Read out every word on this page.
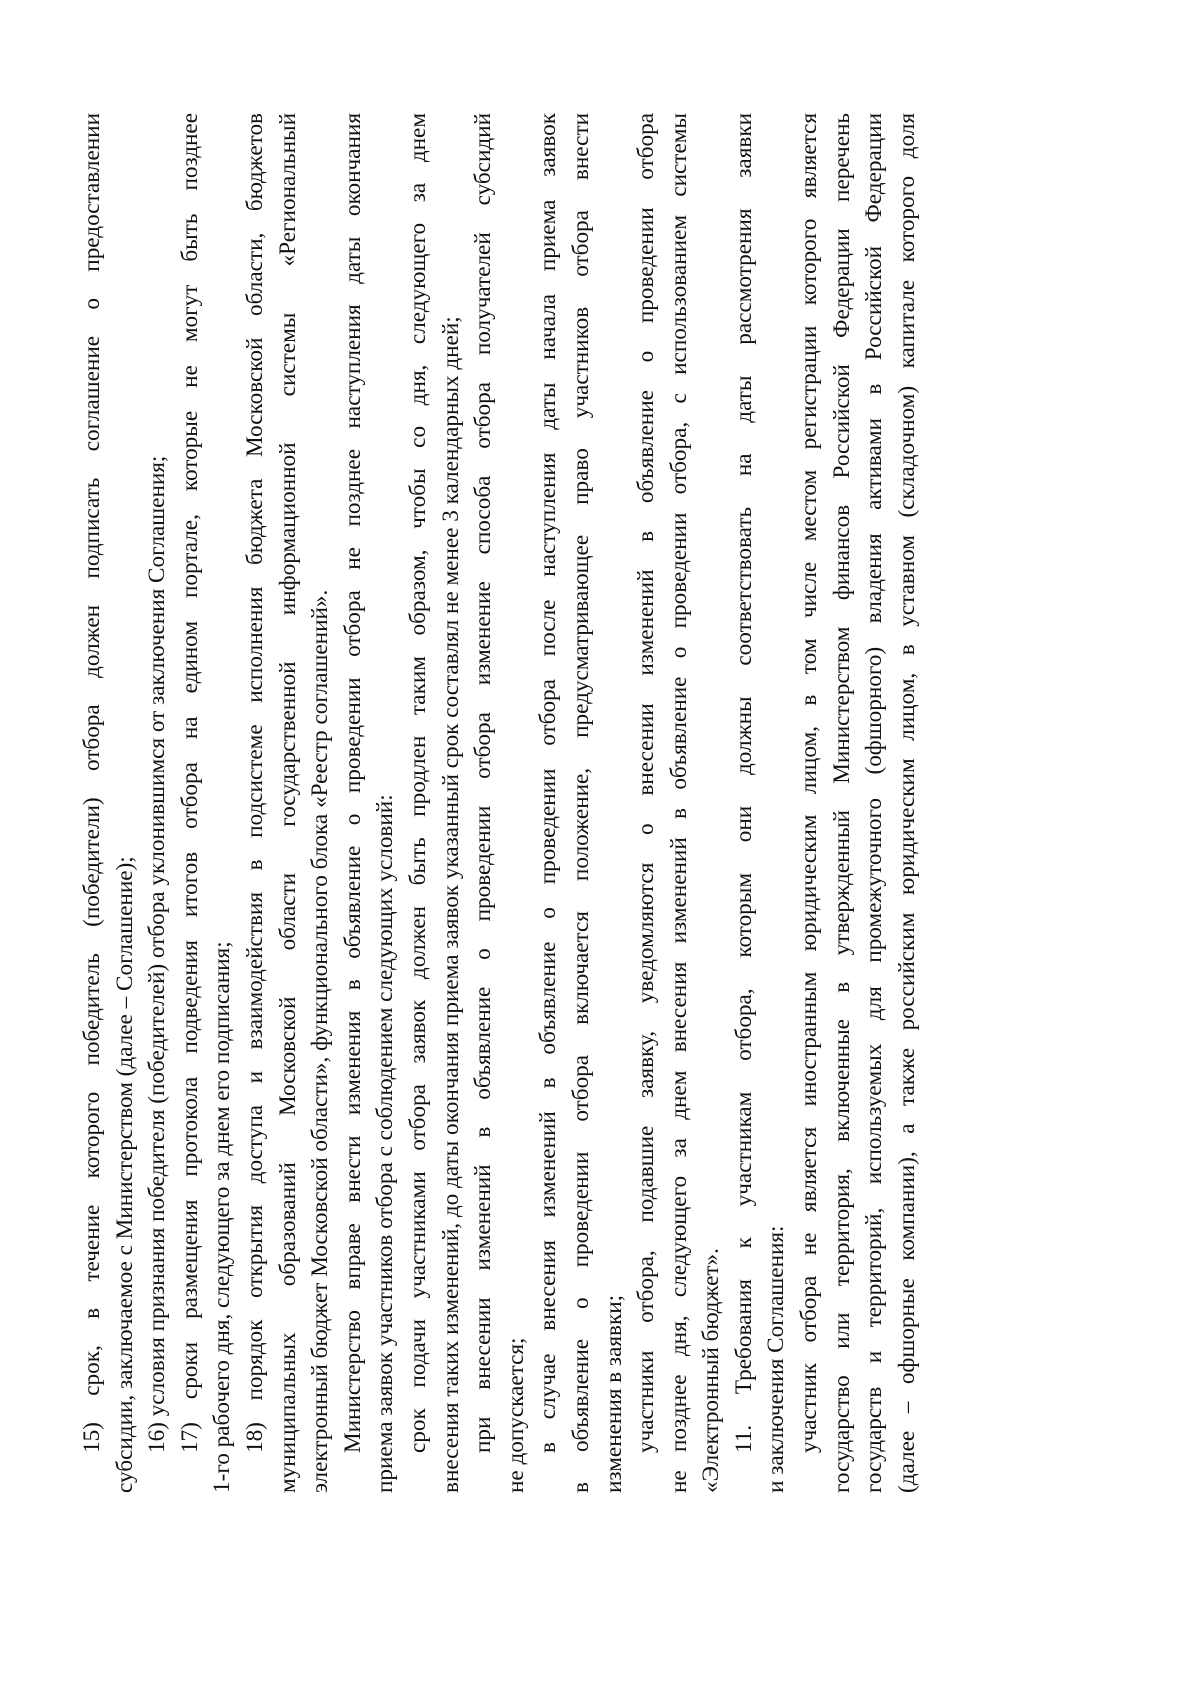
15) срок, в течение которого победитель (победители) отбора должен подписать соглашение о предоставлении субсидии, заключаемое с Министерством (далее – Соглашение); 16) условия признания победителя (победителей) отбора уклонившимся от заключения Соглашения; 17) сроки размещения протокола подведения итогов отбора на едином портале, которые не могут быть позднее 1-го рабочего дня, следующего за днем его подписания; 18) порядок открытия доступа и взаимодействия в подсистеме исполнения бюджета Московской области, бюджетов муниципальных образований Московской области государственной информационной системы «Региональный электронный бюджет Московской области», функционального блока «Реестр соглашений». Министерство вправе внести изменения в объявление о проведении отбора не позднее наступления даты окончания приема заявок участников отбора с соблюдением следующих условий: срок подачи участниками отбора заявок должен быть продлен таким образом, чтобы со дня, следующего за днем внесения таких изменений, до даты окончания приема заявок указанный срок составлял не менее 3 календарных дней; при внесении изменений в объявление о проведении отбора изменение способа отбора получателей субсидий не допускается; в случае внесения изменений в объявление о проведении отбора после наступления даты начала приема заявок в объявление о проведении отбора включается положение, предусматривающее право участников отбора внести изменения в заявки; участники отбора, подавшие заявку, уведомляются о внесении изменений в объявление о проведении отбора не позднее дня, следующего за днем внесения изменений в объявление о проведении отбора, с использованием системы «Электронный бюджет». 11. Требования к участникам отбора, которым они должны соответствовать на даты рассмотрения заявки и заключения Соглашения: участник отбора не является иностранным юридическим лицом, в том числе местом регистрации которого является государство или территория, включенные в утвержденный Министерством финансов Российской Федерации перечень государств и территорий, используемых для промежуточного (офшорного) владения активами в Российской Федерации (далее – офшорные компании), а также российским юридическим лицом, в уставном (складочном) капитале которого доля
